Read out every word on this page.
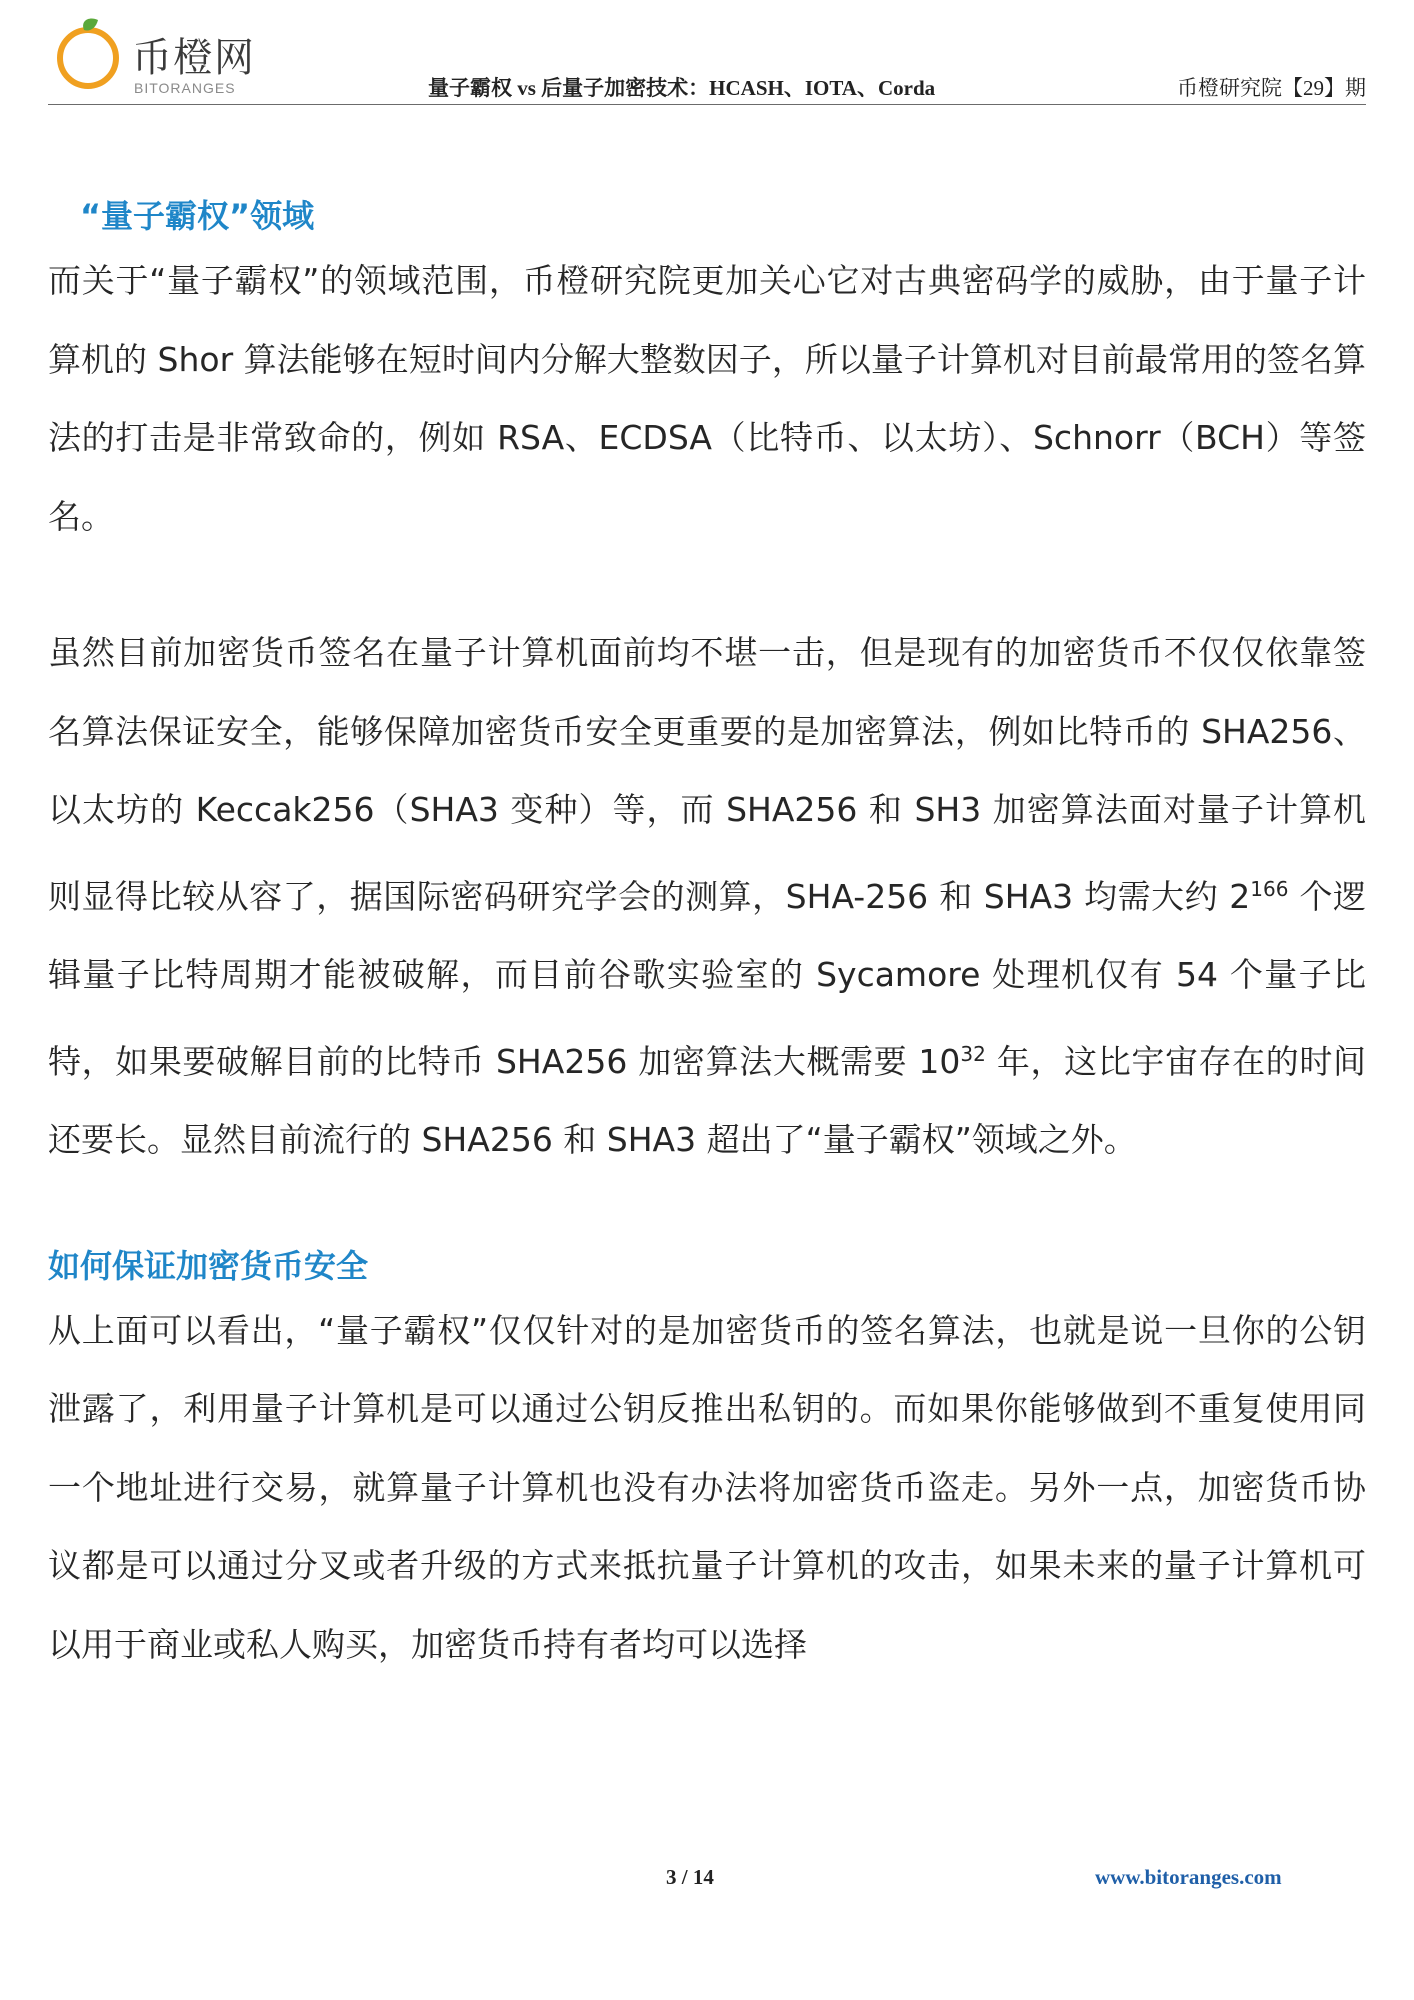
币橙网
BITORANGES	量子霸权 vs 后量子加密技术：HCASH、IOTA、Corda	币橙研究院【29】期
“量子霸权”领域

而关于“量子霸权”的领域范围，币橙研究院更加关心它对古典密码学的威胁，由于量子计算机的 Shor 算法能够在短时间内分解大整数因子，所以量子计算机对目前最常用的签名算法的打击是非常致命的，例如 RSA、ECDSA（比特币、以太坊）、Schnorr（BCH）等签名。

虽然目前加密货币签名在量子计算机面前均不堪一击，但是现有的加密货币不仅仅依靠签名算法保证安全，能够保障加密货币安全更重要的是加密算法，例如比特币的 SHA256、以太坊的 Keccak256（SHA3 变种）等，而 SHA256 和 SH3 加密算法面对量子计算机则显得比较从容了，据国际密码研究学会的测算，SHA-256 和 SHA3 均需大约 $2^{166}$ 个逻辑量子比特周期才能被破解，而目前谷歌实验室的 Sycamore 处理机仅有 54 个量子比特，如果要破解目前的比特币 SHA256 加密算法大概需要 $10^{32}$ 年，这比宇宙存在的时间还要长。显然目前流行的 SHA256 和 SHA3 超出了“量子霸权”领域之外。

如何保证加密货币安全

从上面可以看出，“量子霸权”仅仅针对的是加密货币的签名算法，也就是说一旦你的公钥泄露了，利用量子计算机是可以通过公钥反推出私钥的。而如果你能够做到不重复使用同一个地址进行交易，就算量子计算机也没有办法将加密货币盗走。另外一点，加密货币协议都是可以通过分叉或者升级的方式来抵抗量子计算机的攻击，如果未来的量子计算机可以用于商业或私人购买，加密货币持有者均可以选择

3 / 14	www.bitoranges.com
